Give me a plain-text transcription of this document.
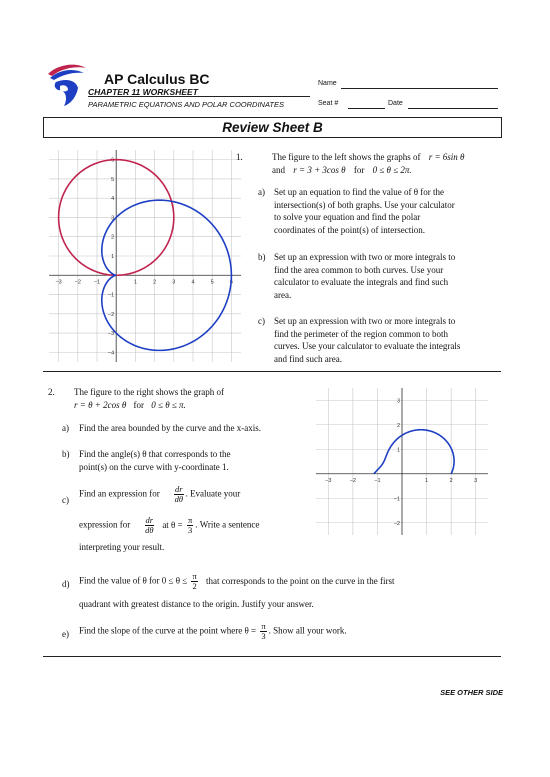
AP Calculus BC
CHAPTER 11 WORKSHEET
PARAMETRIC EQUATIONS AND POLAR COORDINATES
Name
Seat #	Date
Review Sheet B
−3 −2 −1	1	2	3	4	5	6
6
5
4
3
2
1
−1
−2
−3
−4
1.	The figure to the left shows the graphs of r = 6sin θ
and r = 3 + 3cos θ for 0 ≤ θ ≤ 2π.
a) Set up an equation to find the value of θ for the
intersection(s) of both graphs. Use your calculator
to solve your equation and find the polar
coordinates of the point(s) of intersection.
b) Set up an expression with two or more integrals to
find the area common to both curves. Use your
calculator to evaluate the integrals and find such
area.
c) Set up an expression with two or more integrals to
find the perimeter of the region common to both
curves. Use your calculator to evaluate the integrals
and find such area.
2. The figure to the right shows the graph of
r = θ + 2cos θ for 0 ≤ θ ≤ π.
a) Find the area bounded by the curve and the x-axis.
b) Find the angle(s) θ that corresponds to the
point(s) on the curve with y-coordinate 1.
c)
Find an expression for $\frac{dr}{d\theta}$ . Evaluate your
expression for $\frac{dr}{d\theta}$ at $\theta = \frac{\pi}{3}$ . Write a sentence
interpreting your result.
d) Find the value of θ for $0 \le \theta \le \frac{\pi}{2}$ that corresponds to the point on the curve in the first
quadrant with greatest distance to the origin. Justify your answer.
e) Find the slope of the curve at the point where $\theta = \frac{\pi}{3}$ . Show all your work.
−3	−2	−1	1	2	3
3
2
1
−1
−2
SEE OTHER SIDE
